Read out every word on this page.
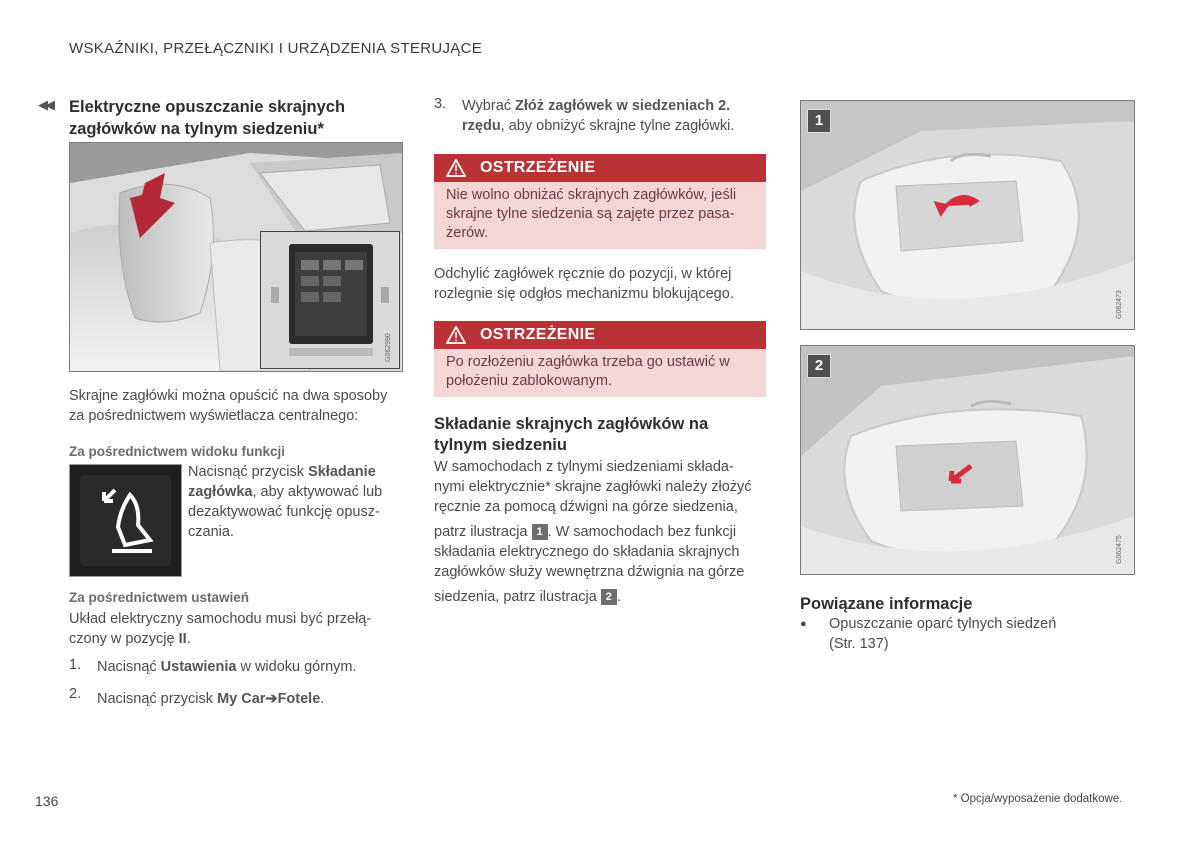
WSKAŹNIKI, PRZEŁĄCZNIKI I URZĄDZENIA STERUJĄCE
◀◀ Elektryczne opuszczanie skrajnych
zagłówków na tylnym siedzeniu*
G062990
Skrajne zagłówki można opuścić na dwa sposoby
za pośrednictwem wyświetlacza centralnego:
Za pośrednictwem widoku funkcji
Nacisnąć przycisk Składanie
zagłówka, aby aktywować lub
dezaktywować funkcję opusz-
czania.
Za pośrednictwem ustawień
Układ elektryczny samochodu musi być przełą-
czony w pozycję II.
1. Nacisnąć Ustawienia w widoku górnym.
2. Nacisnąć przycisk My Car➔Fotele.
3. Wybrać Złóż zagłówek w siedzeniach 2.
rzędu, aby obniżyć skrajne tylne zagłówki.
OSTRZEŻENIE
Nie wolno obniżać skrajnych zagłówków, jeśli
skrajne tylne siedzenia są zajęte przez pasa-
żerów.
Odchylić zagłówek ręcznie do pozycji, w której
rozlegnie się odgłos mechanizmu blokującego.
OSTRZEŻENIE
Po rozłożeniu zagłówka trzeba go ustawić w
położeniu zablokowanym.
Składanie skrajnych zagłówków na
tylnym siedzeniu
W samochodach z tylnymi siedzeniami składa-
nymi elektrycznie* skrajne zagłówki należy złożyć
ręcznie za pomocą dźwigni na górze siedzenia,
patrz ilustracja 1 . W samochodach bez funkcji
składania elektrycznego do składania skrajnych
zagłówków służy wewnętrzna dźwignia na górze
siedzenia, patrz ilustracja 2 .
1
G062473
2
G062475
Powiązane informacje
● Opuszczanie oparć tylnych siedzeń
(Str. 137)
136	* Opcja/wyposażenie dodatkowe.
